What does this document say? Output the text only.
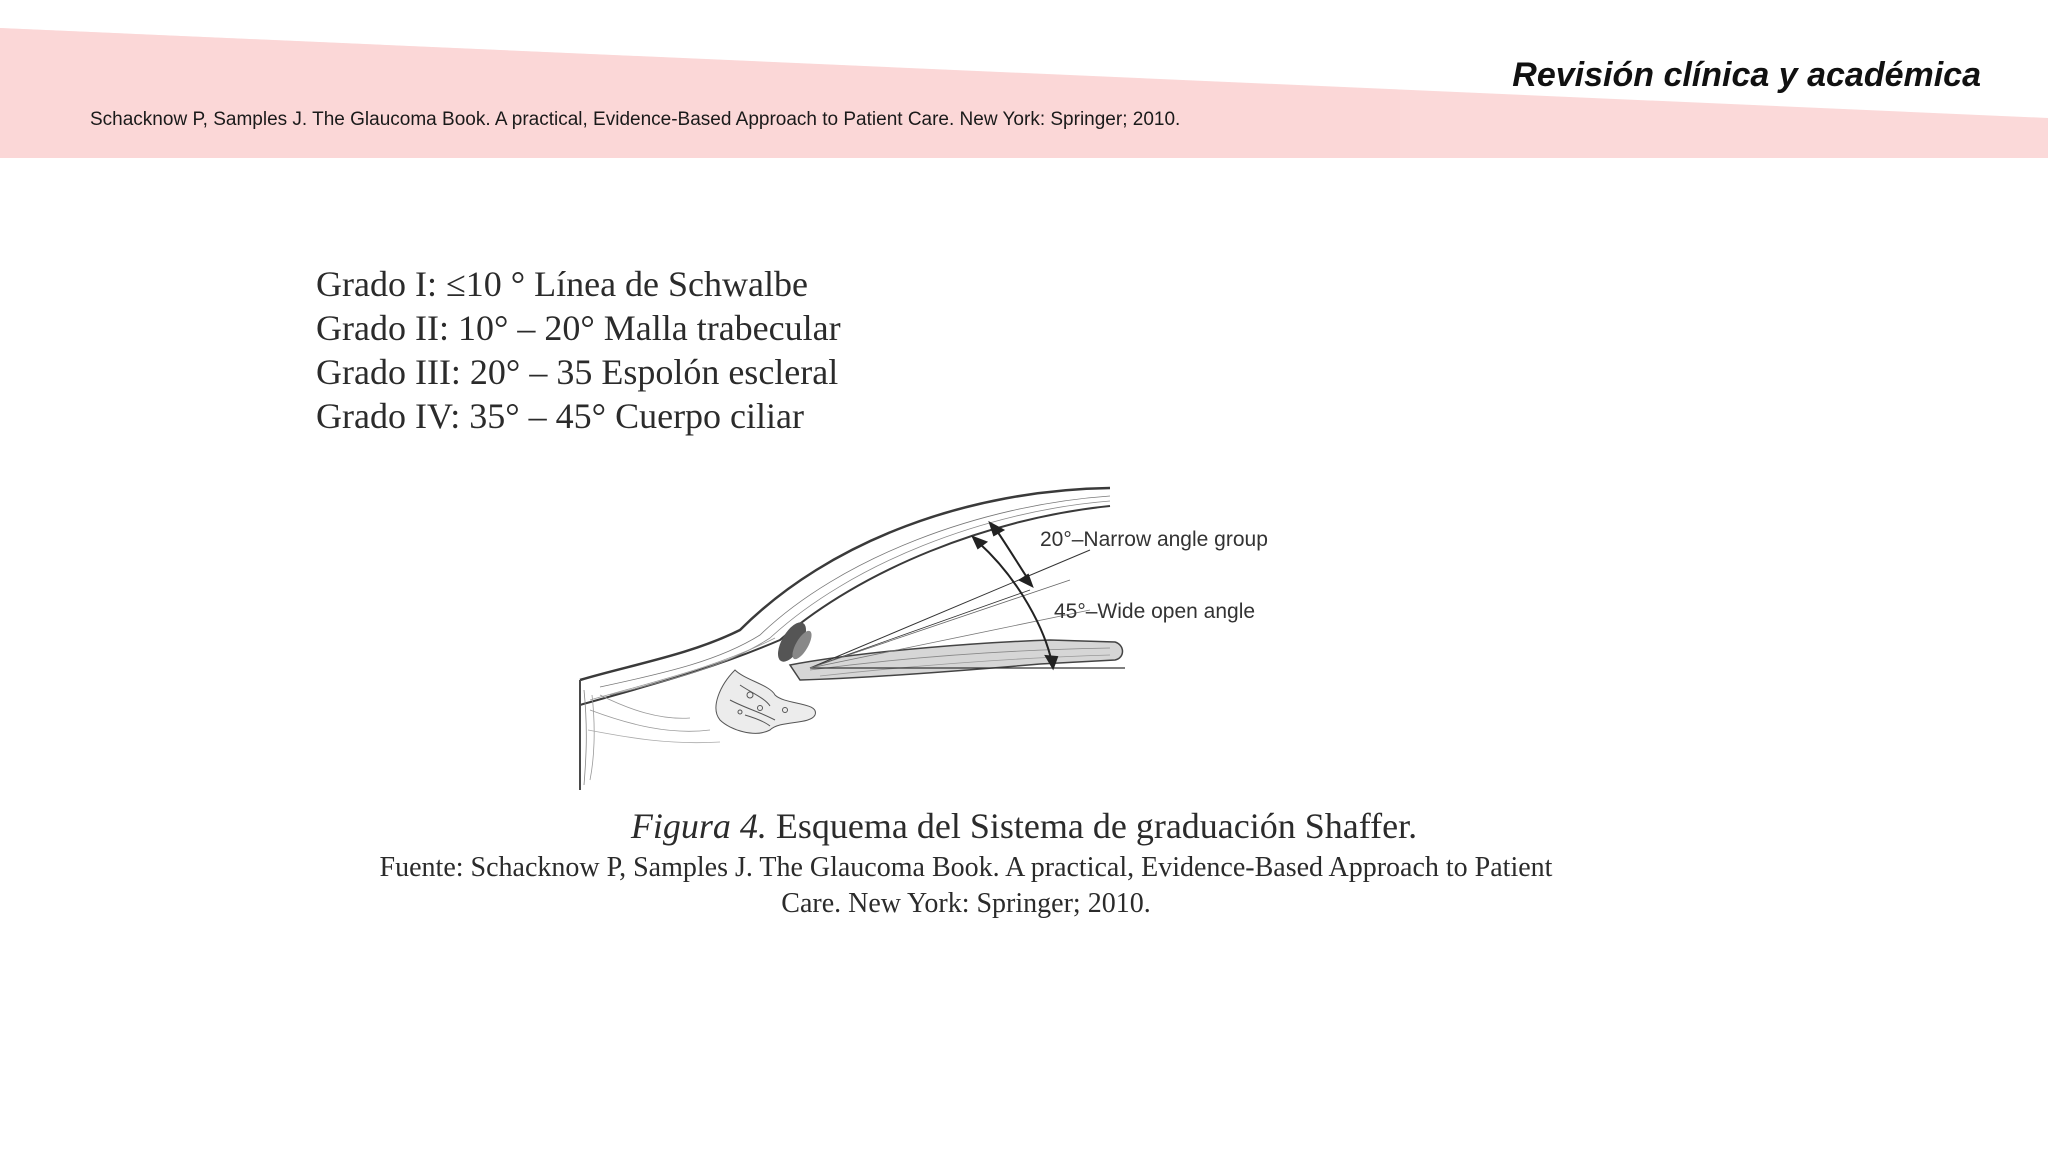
Revisión clínica y académica
Schacknow P, Samples J. The Glaucoma Book. A practical, Evidence-Based Approach to Patient Care. New York: Springer; 2010.
Grado I: ≤10 ° Línea de Schwalbe
Grado II: 10° – 20° Malla trabecular
Grado III: 20° – 35 Espolón escleral
Grado IV: 35° – 45° Cuerpo ciliar
20°–Narrow angle group
45°–Wide open angle
Figura 4. Esquema del Sistema de graduación Shaffer.
Fuente: Schacknow P, Samples J. The Glaucoma Book. A practical, Evidence-Based Approach to Patient
Care. New York: Springer; 2010.
